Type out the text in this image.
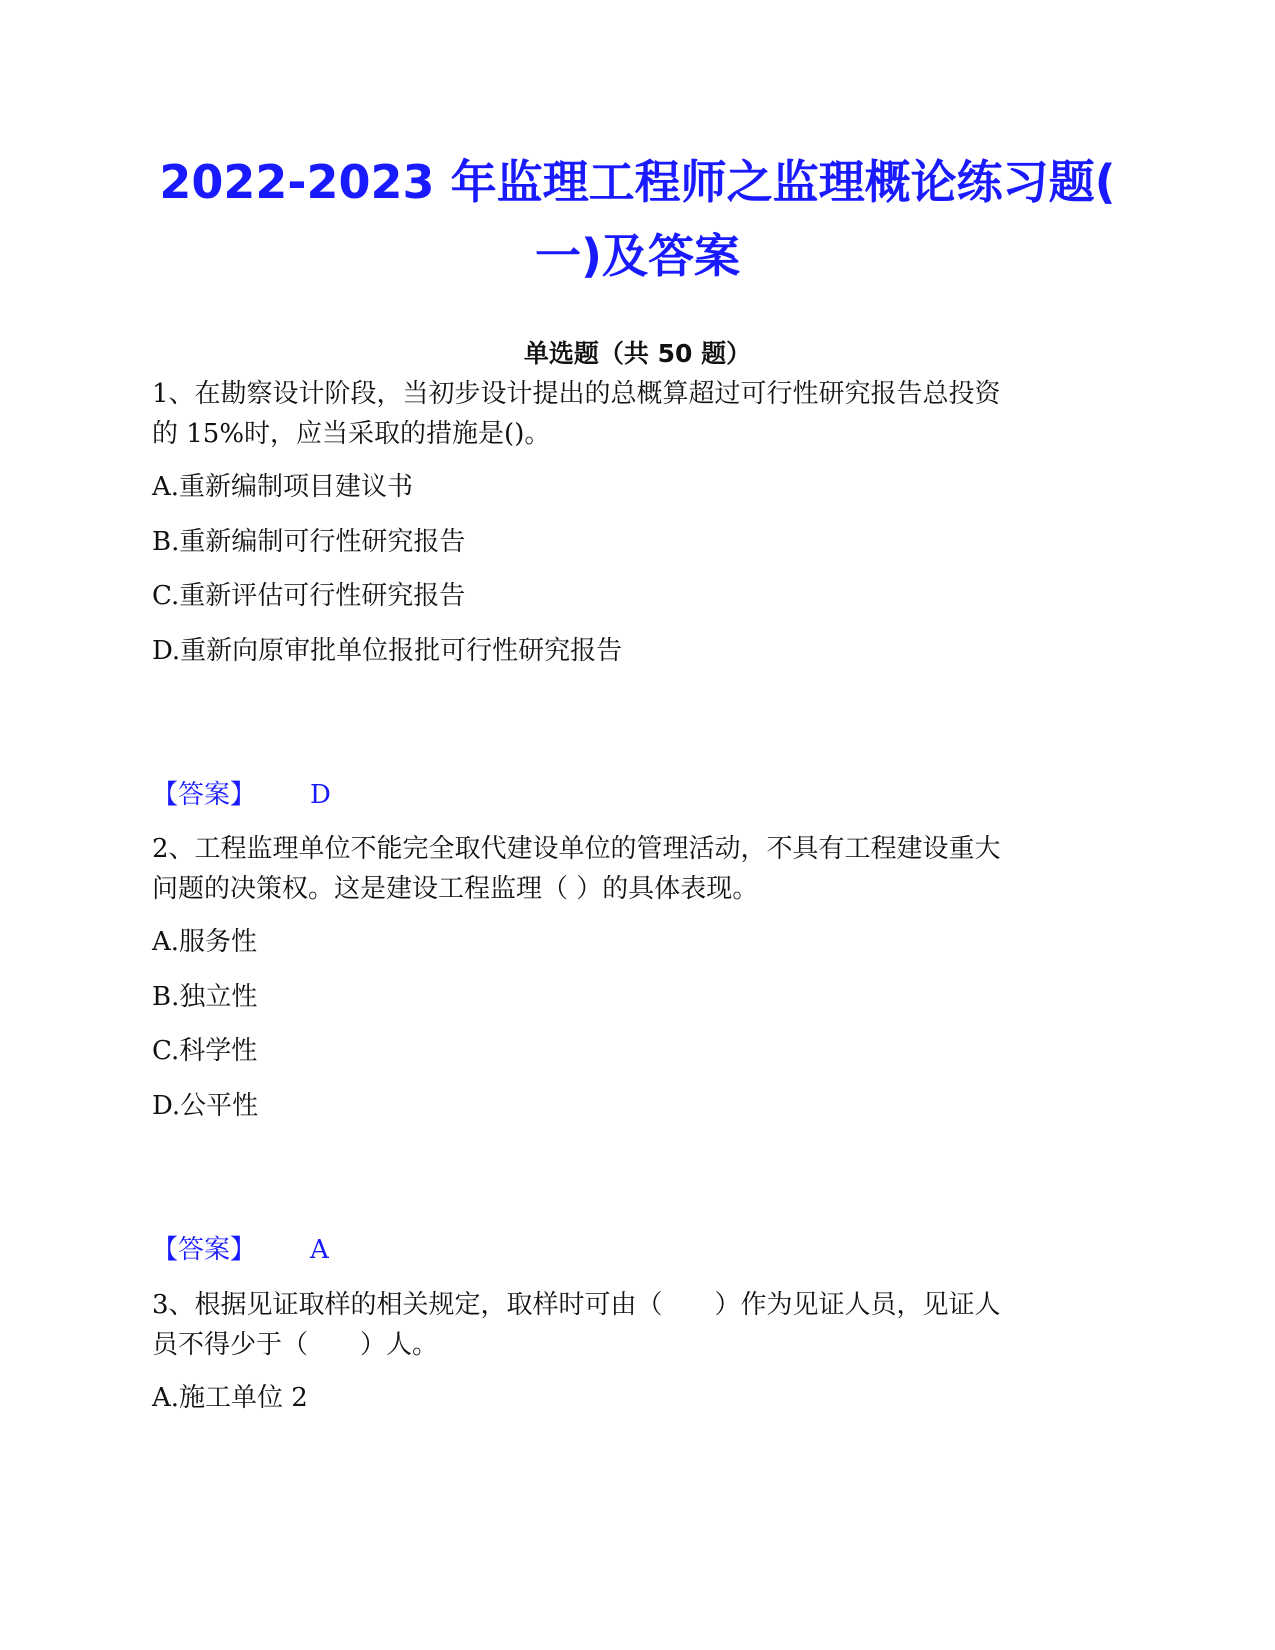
2022-2023 年监理工程师之监理概论练习题(
一)及答案
单选题（共 50 题）
1、在勘察设计阶段，当初步设计提出的总概算超过可行性研究报告总投资
的 15%时，应当采取的措施是()。
A.重新编制项目建议书
B.重新编制可行性研究报告
C.重新评估可行性研究报告
D.重新向原审批单位报批可行性研究报告
【答案】 D
2、工程监理单位不能完全取代建设单位的管理活动，不具有工程建设重大
问题的决策权。这是建设工程监理（ ）的具体表现。
A.服务性
B.独立性
C.科学性
D.公平性
【答案】 A
3、根据见证取样的相关规定，取样时可由（　　）作为见证人员，见证人
员不得少于（　　）人。
A.施工单位 2
